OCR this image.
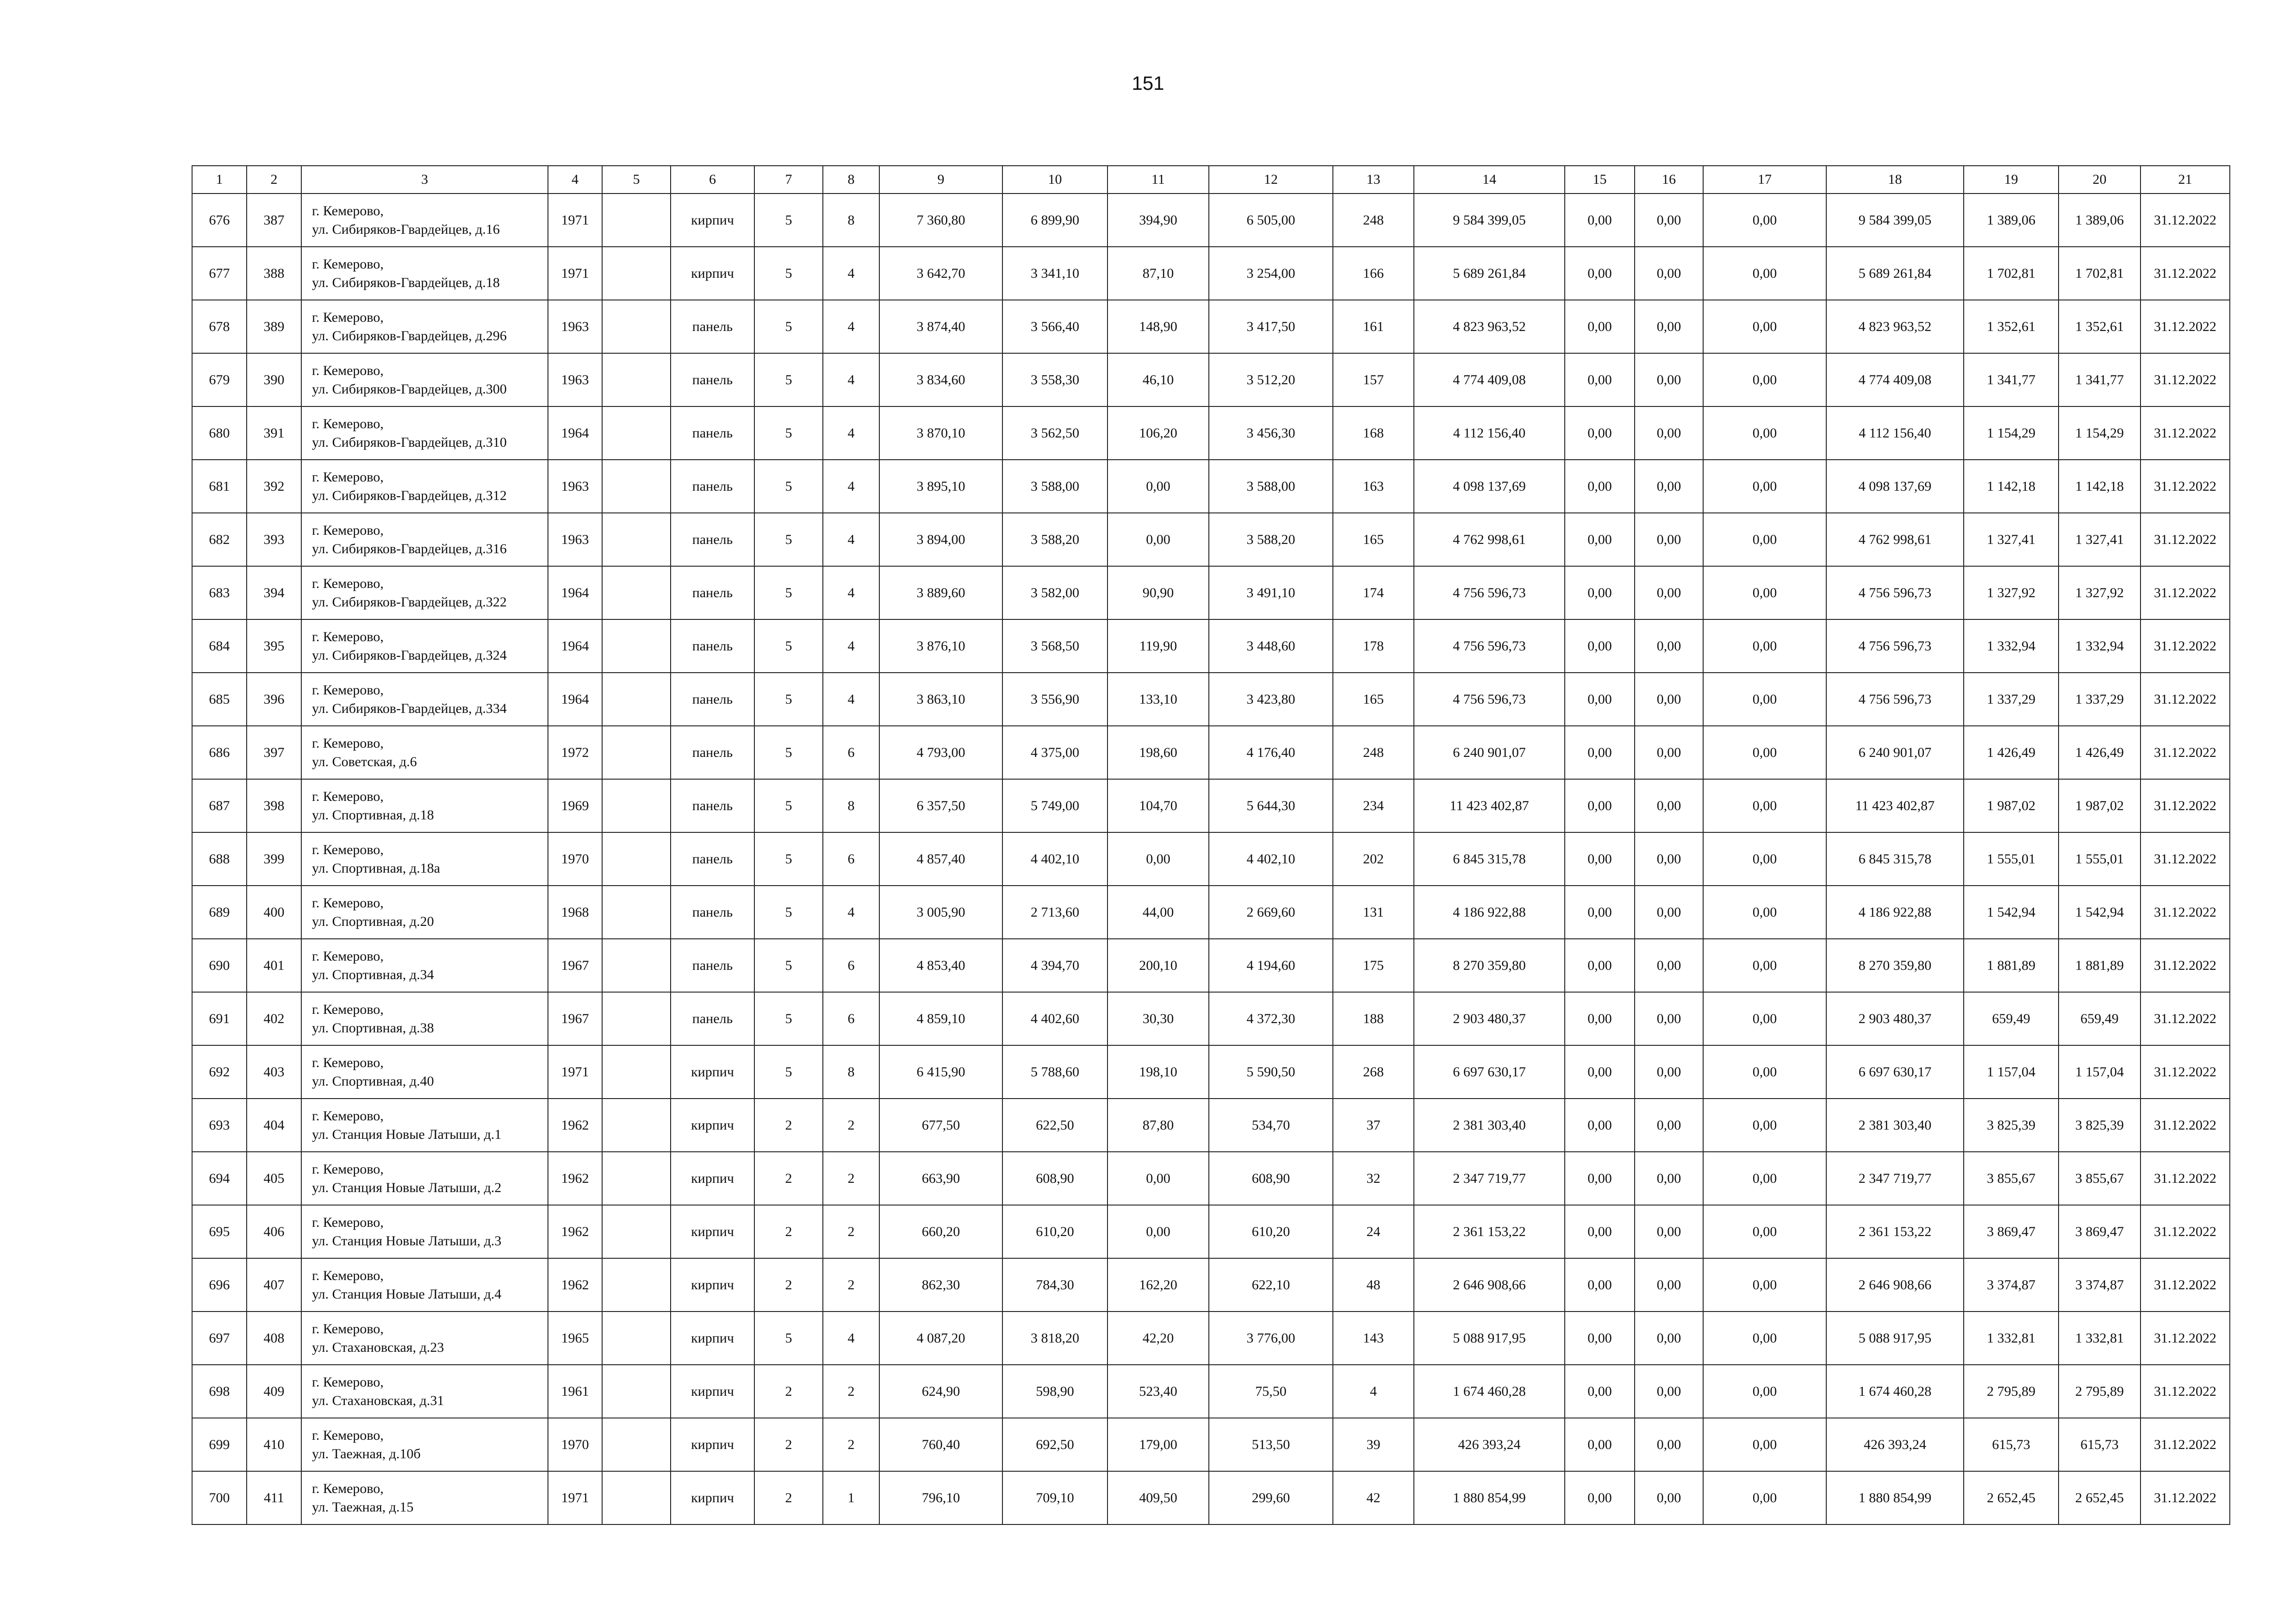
151
1	2	3	4	5	6	7	8	9	10	11	12	13	14	15	16	17	18	19	20	21
676	387	г. Кемерово,
ул. Сибиряков-Гвардейцев, д.16	1971		кирпич	5	8	7 360,80	6 899,90	394,90	6 505,00	248	9 584 399,05	0,00	0,00	0,00	9 584 399,05	1 389,06	1 389,06	31.12.2022
677	388	г. Кемерово,
ул. Сибиряков-Гвардейцев, д.18	1971		кирпич	5	4	3 642,70	3 341,10	87,10	3 254,00	166	5 689 261,84	0,00	0,00	0,00	5 689 261,84	1 702,81	1 702,81	31.12.2022
678	389	г. Кемерово,
ул. Сибиряков-Гвардейцев, д.296	1963		панель	5	4	3 874,40	3 566,40	148,90	3 417,50	161	4 823 963,52	0,00	0,00	0,00	4 823 963,52	1 352,61	1 352,61	31.12.2022
679	390	г. Кемерово,
ул. Сибиряков-Гвардейцев, д.300	1963		панель	5	4	3 834,60	3 558,30	46,10	3 512,20	157	4 774 409,08	0,00	0,00	0,00	4 774 409,08	1 341,77	1 341,77	31.12.2022
680	391	г. Кемерово,
ул. Сибиряков-Гвардейцев, д.310	1964		панель	5	4	3 870,10	3 562,50	106,20	3 456,30	168	4 112 156,40	0,00	0,00	0,00	4 112 156,40	1 154,29	1 154,29	31.12.2022
681	392	г. Кемерово,
ул. Сибиряков-Гвардейцев, д.312	1963		панель	5	4	3 895,10	3 588,00	0,00	3 588,00	163	4 098 137,69	0,00	0,00	0,00	4 098 137,69	1 142,18	1 142,18	31.12.2022
682	393	г. Кемерово,
ул. Сибиряков-Гвардейцев, д.316	1963		панель	5	4	3 894,00	3 588,20	0,00	3 588,20	165	4 762 998,61	0,00	0,00	0,00	4 762 998,61	1 327,41	1 327,41	31.12.2022
683	394	г. Кемерово,
ул. Сибиряков-Гвардейцев, д.322	1964		панель	5	4	3 889,60	3 582,00	90,90	3 491,10	174	4 756 596,73	0,00	0,00	0,00	4 756 596,73	1 327,92	1 327,92	31.12.2022
684	395	г. Кемерово,
ул. Сибиряков-Гвардейцев, д.324	1964		панель	5	4	3 876,10	3 568,50	119,90	3 448,60	178	4 756 596,73	0,00	0,00	0,00	4 756 596,73	1 332,94	1 332,94	31.12.2022
685	396	г. Кемерово,
ул. Сибиряков-Гвардейцев, д.334	1964		панель	5	4	3 863,10	3 556,90	133,10	3 423,80	165	4 756 596,73	0,00	0,00	0,00	4 756 596,73	1 337,29	1 337,29	31.12.2022
686	397	г. Кемерово,
ул. Советская, д.6	1972		панель	5	6	4 793,00	4 375,00	198,60	4 176,40	248	6 240 901,07	0,00	0,00	0,00	6 240 901,07	1 426,49	1 426,49	31.12.2022
687	398	г. Кемерово,
ул. Спортивная, д.18	1969		панель	5	8	6 357,50	5 749,00	104,70	5 644,30	234	11 423 402,87	0,00	0,00	0,00	11 423 402,87	1 987,02	1 987,02	31.12.2022
688	399	г. Кемерово,
ул. Спортивная, д.18а	1970		панель	5	6	4 857,40	4 402,10	0,00	4 402,10	202	6 845 315,78	0,00	0,00	0,00	6 845 315,78	1 555,01	1 555,01	31.12.2022
689	400	г. Кемерово,
ул. Спортивная, д.20	1968		панель	5	4	3 005,90	2 713,60	44,00	2 669,60	131	4 186 922,88	0,00	0,00	0,00	4 186 922,88	1 542,94	1 542,94	31.12.2022
690	401	г. Кемерово,
ул. Спортивная, д.34	1967		панель	5	6	4 853,40	4 394,70	200,10	4 194,60	175	8 270 359,80	0,00	0,00	0,00	8 270 359,80	1 881,89	1 881,89	31.12.2022
691	402	г. Кемерово,
ул. Спортивная, д.38	1967		панель	5	6	4 859,10	4 402,60	30,30	4 372,30	188	2 903 480,37	0,00	0,00	0,00	2 903 480,37	659,49	659,49	31.12.2022
692	403	г. Кемерово,
ул. Спортивная, д.40	1971		кирпич	5	8	6 415,90	5 788,60	198,10	5 590,50	268	6 697 630,17	0,00	0,00	0,00	6 697 630,17	1 157,04	1 157,04	31.12.2022
693	404	г. Кемерово,
ул. Станция Новые Латыши, д.1	1962		кирпич	2	2	677,50	622,50	87,80	534,70	37	2 381 303,40	0,00	0,00	0,00	2 381 303,40	3 825,39	3 825,39	31.12.2022
694	405	г. Кемерово,
ул. Станция Новые Латыши, д.2	1962		кирпич	2	2	663,90	608,90	0,00	608,90	32	2 347 719,77	0,00	0,00	0,00	2 347 719,77	3 855,67	3 855,67	31.12.2022
695	406	г. Кемерово,
ул. Станция Новые Латыши, д.3	1962		кирпич	2	2	660,20	610,20	0,00	610,20	24	2 361 153,22	0,00	0,00	0,00	2 361 153,22	3 869,47	3 869,47	31.12.2022
696	407	г. Кемерово,
ул. Станция Новые Латыши, д.4	1962		кирпич	2	2	862,30	784,30	162,20	622,10	48	2 646 908,66	0,00	0,00	0,00	2 646 908,66	3 374,87	3 374,87	31.12.2022
697	408	г. Кемерово,
ул. Стахановская, д.23	1965		кирпич	5	4	4 087,20	3 818,20	42,20	3 776,00	143	5 088 917,95	0,00	0,00	0,00	5 088 917,95	1 332,81	1 332,81	31.12.2022
698	409	г. Кемерово,
ул. Стахановская, д.31	1961		кирпич	2	2	624,90	598,90	523,40	75,50	4	1 674 460,28	0,00	0,00	0,00	1 674 460,28	2 795,89	2 795,89	31.12.2022
699	410	г. Кемерово,
ул. Таежная, д.10б	1970		кирпич	2	2	760,40	692,50	179,00	513,50	39	426 393,24	0,00	0,00	0,00	426 393,24	615,73	615,73	31.12.2022
700	411	г. Кемерово,
ул. Таежная, д.15	1971		кирпич	2	1	796,10	709,10	409,50	299,60	42	1 880 854,99	0,00	0,00	0,00	1 880 854,99	2 652,45	2 652,45	31.12.2022
